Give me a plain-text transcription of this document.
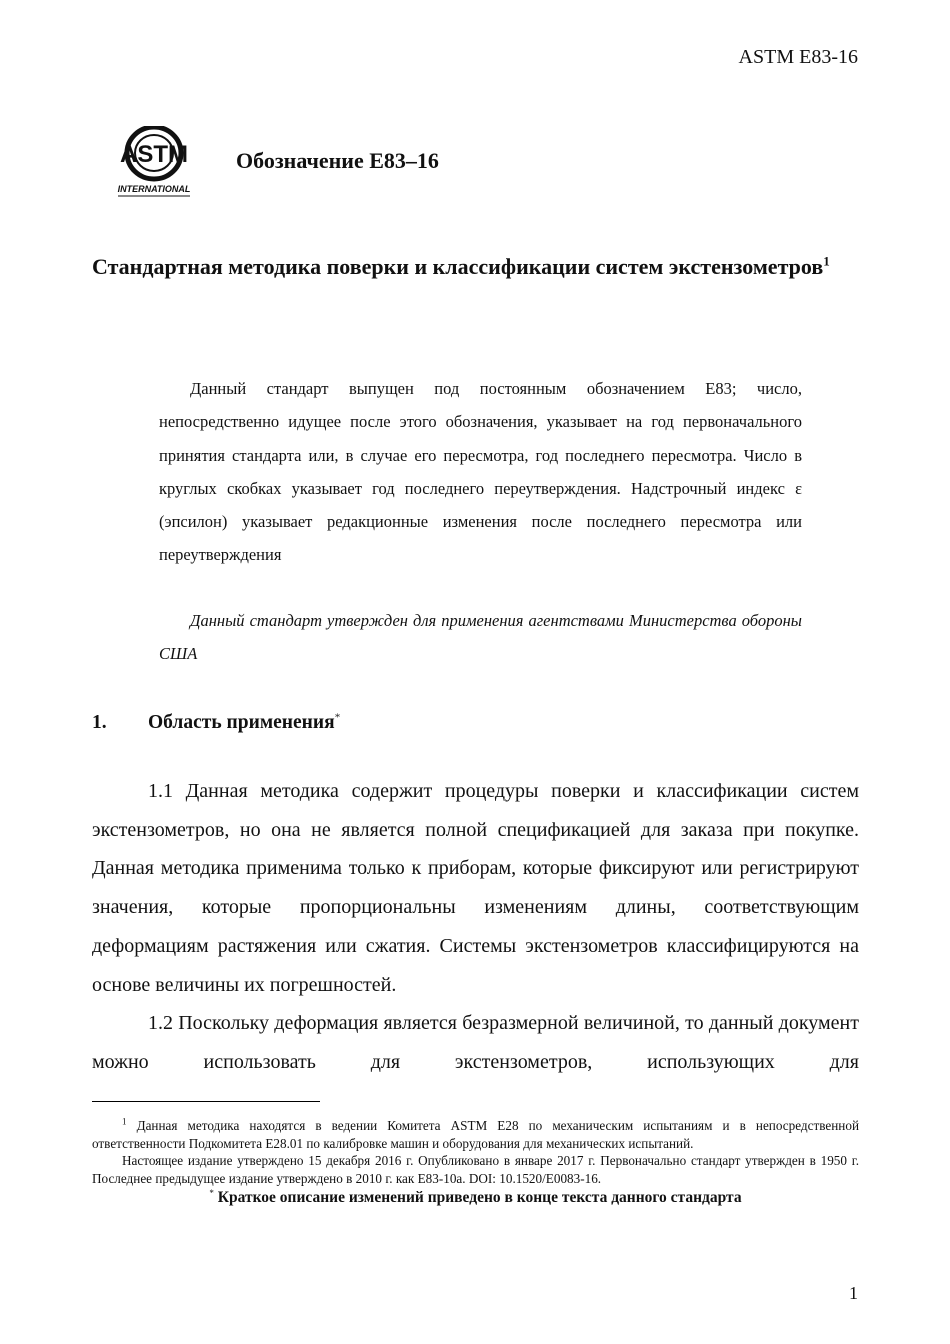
ASTM E83-16
ASTM
INTERNATIONAL
Обозначение E83–16
Стандартная методика поверки и классификации систем экстензометров$^1$
Данный стандарт выпущен под постоянным обозначением E83; число, непосредственно идущее после этого обозначения, указывает на год первоначального принятия стандарта или, в случае его пересмотра, год последнего пересмотра. Число в круглых скобках указывает год последнего переутверждения. Надстрочный индекс ε (эпсилон) указывает редакционные изменения после последнего пересмотра или переутверждения
Данный стандарт утвержден для применения агентствами Министерства обороны США
1. Область применения*

1.1 Данная методика содержит процедуры поверки и классификации систем экстензометров, но она не является полной спецификацией для заказа при покупке. Данная методика применима только к приборам, которые фиксируют или регистрируют значения, которые пропорциональны изменениям длины, соответствующим деформациям растяжения или сжатия. Системы экстензометров классифицируются на основе величины их погрешностей.

1.2 Поскольку деформация является безразмерной величиной, то данный документ можно использовать для экстензометров, использующих для

$^1$ Данная методика находятся в ведении Комитета ASTM E28 по механическим испытаниям и в непосредственной ответственности Подкомитета E28.01 по калибровке машин и оборудования для механических испытаний.

Настоящее издание утверждено 15 декабря 2016 г. Опубликовано в январе 2017 г. Первоначально стандарт утвержден в 1950 г. Последнее предыдущее издание утверждено в 2010 г. как E83-10a. DOI: 10.1520/E0083-16.

* Краткое описание изменений приведено в конце текста данного стандарта

1
